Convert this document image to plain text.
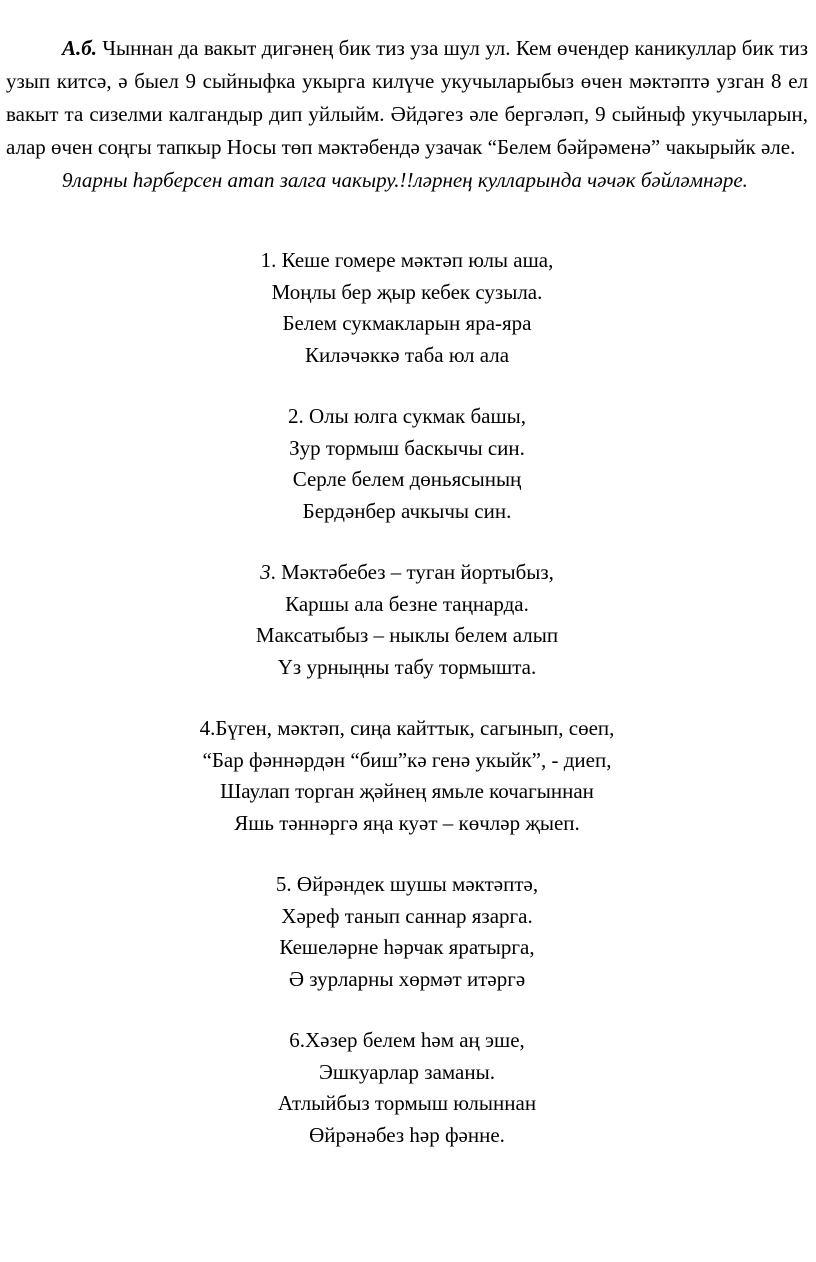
А.б. Чыннан да вакыт дигәнең бик тиз уза шул ул. Кем өчендер каникуллар бик тиз узып китсә, ә быел 9 сыйныфка укырга килүче укучыларыбыз өчен мәктәптә узган 8 ел вакыт та сизелми калгандыр дип уйлыйм. Әйдәгез әле бергәләп, 9 сыйныф укучыларын, алар өчен соңгы тапкыр Носы төп мәктәбендә узачак “Белем бәйрәменә” чакырыйк әле.

9ларны һәрберсен атап залга чакыру.!!ләрнең кулларында чәчәк бәйләмнәре.

1. Кеше гомере мәктәп юлы аша,
Моңлы бер җыр кебек сузыла.
Белем сукмакларын яра-яра
Киләчәккә таба юл ала
2. Олы юлга сукмак башы,
Зур тормыш баскычы син.
Серле белем дөньясының
Бердәнбер ачкычы син.
3. Мәктәбебез – туган йортыбыз,
Каршы ала безне таңнарда.
Максатыбыз – ныклы белем алып
Үз урныңны табу тормышта.
4.Бүген, мәктәп, сиңа кайттык, сагынып, сөеп,
“Бар фәннәрдән “биш”кә генә укыйк”, - диеп,
Шаулап торган җәйнең ямьле кочагыннан
Яшь тәннәргә яңа куәт – көчләр җыеп.
5. Өйрәндек шушы мәктәптә,
Хәреф танып саннар язарга.
Кешеләрне һәрчак яратырга,
Ә зурларны хөрмәт итәргә
6.Хәзер белем һәм аң эше,
Эшкуарлар заманы.
Атлыйбыз тормыш юлыннан
Өйрәнәбез һәр фәнне.
